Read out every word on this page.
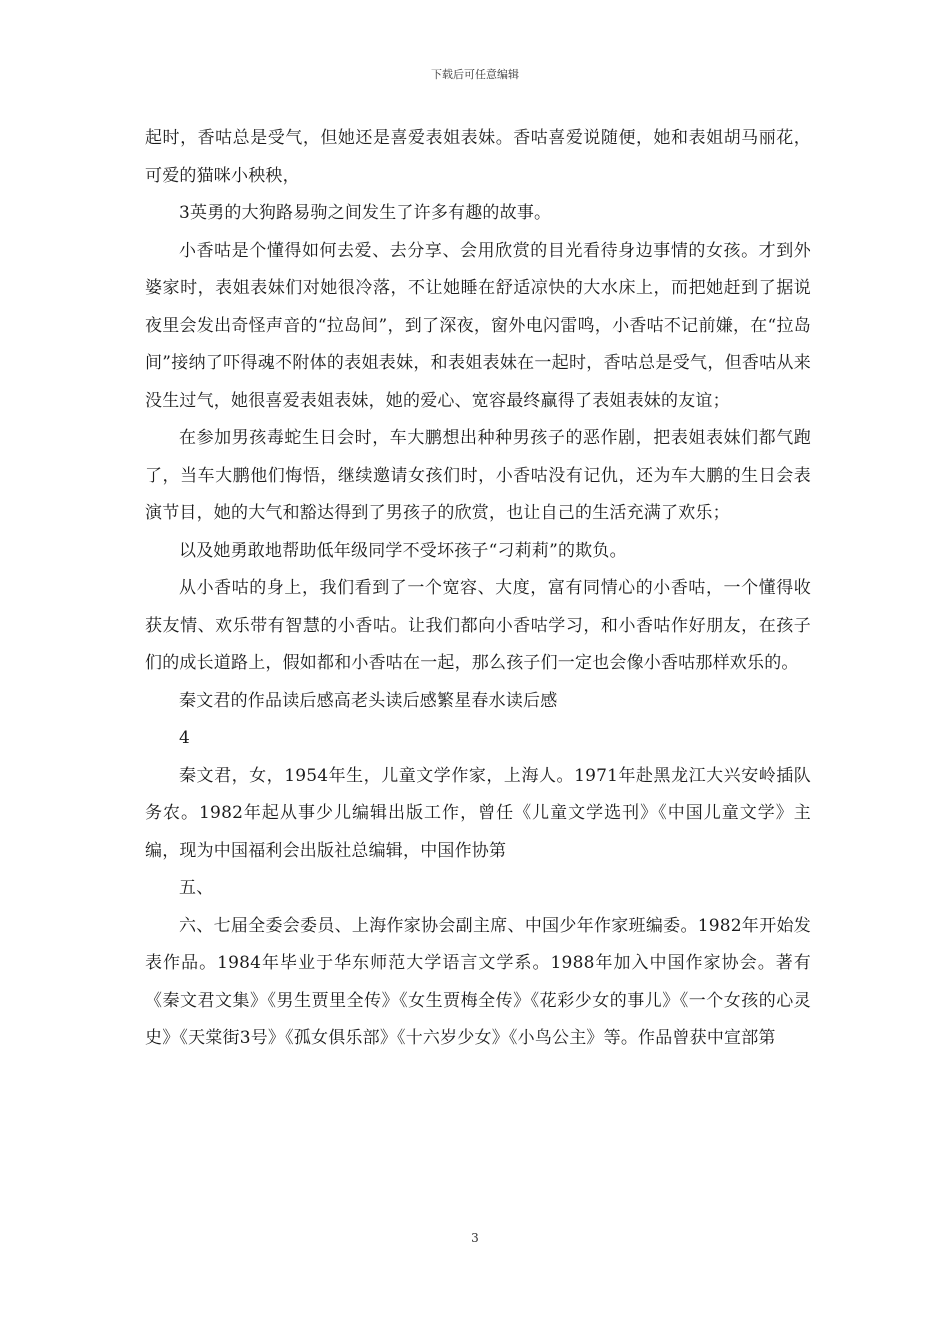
下载后可任意编辑

起时，香咕总是受气，但她还是喜爱表姐表妹。香咕喜爱说随便，她和表姐胡马丽花，可爱的猫咪小秧秧，

3英勇的大狗路易驹之间发生了许多有趣的故事。

小香咕是个懂得如何去爱、去分享、会用欣赏的目光看待身边事情的女孩。才到外婆家时，表姐表妹们对她很冷落，不让她睡在舒适凉快的大水床上，而把她赶到了据说夜里会发出奇怪声音的“拉岛间”，到了深夜，窗外电闪雷鸣，小香咕不记前嫌，在“拉岛间”接纳了吓得魂不附体的表姐表妹，和表姐表妹在一起时，香咕总是受气，但香咕从来没生过气，她很喜爱表姐表妹，她的爱心、宽容最终赢得了表姐表妹的友谊；

在参加男孩毒蛇生日会时，车大鹏想出种种男孩子的恶作剧，把表姐表妹们都气跑了，当车大鹏他们悔悟，继续邀请女孩们时，小香咕没有记仇，还为车大鹏的生日会表演节目，她的大气和豁达得到了男孩子的欣赏，也让自己的生活充满了欢乐；

以及她勇敢地帮助低年级同学不受坏孩子“刁莉莉”的欺负。

从小香咕的身上，我们看到了一个宽容、大度，富有同情心的小香咕，一个懂得收获友情、欢乐带有智慧的小香咕。让我们都向小香咕学习，和小香咕作好朋友，在孩子们的成长道路上，假如都和小香咕在一起，那么孩子们一定也会像小香咕那样欢乐的。

秦文君的作品读后感高老头读后感繁星春水读后感

4

秦文君，女，1954年生，儿童文学作家，上海人。1971年赴黑龙江大兴安岭插队务农。1982年起从事少儿编辑出版工作，曾任《儿童文学选刊》《中国儿童文学》主编，现为中国福利会出版社总编辑，中国作协第

五、

六、七届全委会委员、上海作家协会副主席、中国少年作家班编委。1982年开始发表作品。1984年毕业于华东师范大学语言文学系。1988年加入中国作家协会。著有《秦文君文集》《男生贾里全传》《女生贾梅全传》《花彩少女的事儿》《一个女孩的心灵史》《天棠街3号》《孤女俱乐部》《十六岁少女》《小鸟公主》等。作品曾获中宣部第

3
